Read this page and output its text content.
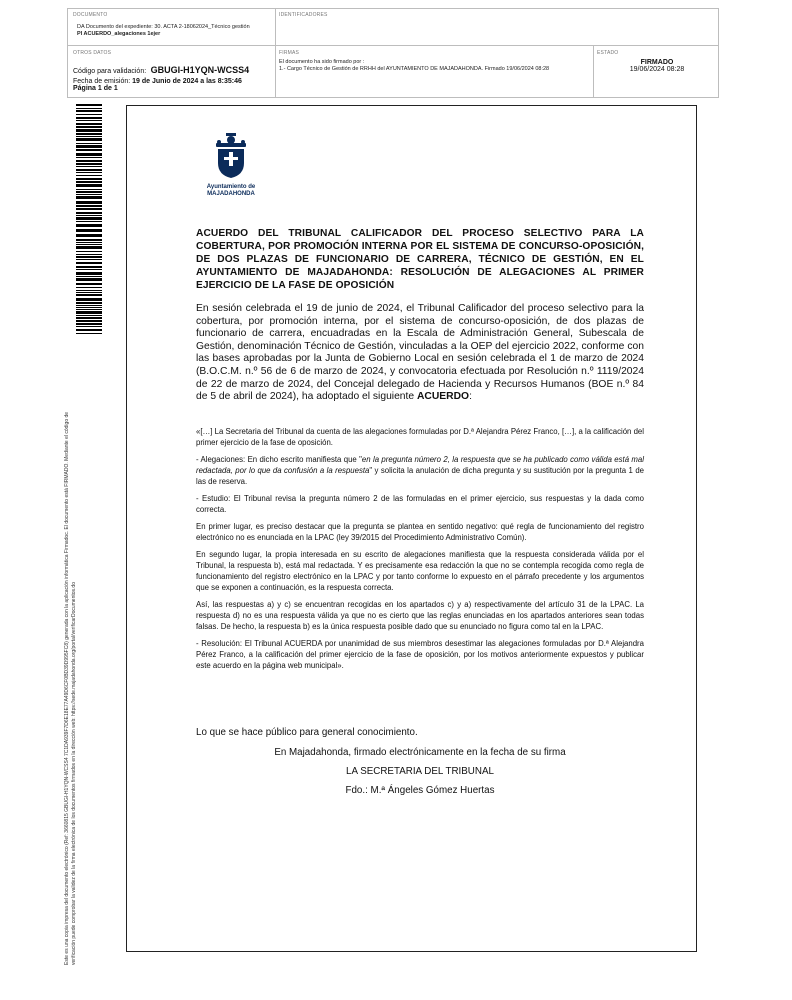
DOCUMENTO
DA Documento del expediente: 30. ACTA 2-18062024_Técnico gestión
PI ACUERDO_alegaciones 1ejer
IDENTIFICADORES
OTROS DATOS
Código para validación: GBUGI-H1YQN-WCSS4
Fecha de emisión: 19 de Junio de 2024 a las 8:35:46
Página 1 de 1
FIRMAS
El documento ha sido firmado por :
1.- Cargo Técnico de Gestión de RRHH del AYUNTAMIENTO DE MAJADAHONDA. Firmado 19/06/2024 08:28
ESTADO
FIRMADO
19/06/2024 08:28
Este es una copia impresa del documento electrónico (Ref: 3660815 GBUGI-H1YQN-WCSS4 7C1DA939F7D6E18E77A49D6CF0BD39D995FC8) generada con la aplicación informática Firmadoc. El documento está FIRMADO. Mediante el código de verificación puede comprobar la validez de la firma electrónica de los documentos firmados en la dirección web: https://sede.majadahonda.org/portal/verificarDocumentos.do
Ayuntamiento de
MAJADAHONDA
ACUERDO DEL TRIBUNAL CALIFICADOR DEL PROCESO SELECTIVO PARA LA COBERTURA, POR PROMOCIÓN INTERNA POR EL SISTEMA DE CONCURSO-OPOSICIÓN, DE DOS PLAZAS DE FUNCIONARIO DE CARRERA, TÉCNICO DE GESTIÓN, EN EL AYUNTAMIENTO DE MAJADAHONDA: RESOLUCIÓN DE ALEGACIONES AL PRIMER EJERCICIO DE LA FASE DE OPOSICIÓN
En sesión celebrada el 19 de junio de 2024, el Tribunal Calificador del proceso selectivo para la cobertura, por promoción interna, por el sistema de concurso-oposición, de dos plazas de funcionario de carrera, encuadradas en la Escala de Administración General, Subescala de Gestión, denominación Técnico de Gestión, vinculadas a la OEP del ejercicio 2022, conforme con las bases aprobadas por la Junta de Gobierno Local en sesión celebrada el 1 de marzo de 2024 (B.O.C.M. n.º 56 de 6 de marzo de 2024, y convocatoria efectuada por Resolución n.º 1119/2024 de 22 de marzo de 2024, del Concejal delegado de Hacienda y Recursos Humanos (BOE n.º 84 de 5 de abril de 2024), ha adoptado el siguiente ACUERDO:

«[…] La Secretaria del Tribunal da cuenta de las alegaciones formuladas por D.ª Alejandra Pérez Franco, […], a la calificación del primer ejercicio de la fase de oposición.

- Alegaciones: En dicho escrito manifiesta que "en la pregunta número 2, la respuesta que se ha publicado como válida está mal redactada, por lo que da confusión a la respuesta" y solicita la anulación de dicha pregunta y su sustitución por la pregunta 1 de las de reserva.

- Estudio: El Tribunal revisa la pregunta número 2 de las formuladas en el primer ejercicio, sus respuestas y la dada como correcta.

En primer lugar, es preciso destacar que la pregunta se plantea en sentido negativo: qué regla de funcionamiento del registro electrónico no es enunciada en la LPAC (ley 39/2015 del Procedimiento Administrativo Común).

En segundo lugar, la propia interesada en su escrito de alegaciones manifiesta que la respuesta considerada válida por el Tribunal, la respuesta b), está mal redactada. Y es precisamente esa redacción la que no se contempla recogida como regla de funcionamiento del registro electrónico en la LPAC y por tanto conforme lo expuesto en el párrafo precedente y los argumentos que se exponen a continuación, es la respuesta correcta.

Así, las respuestas a) y c) se encuentran recogidas en los apartados c) y a) respectivamente del artículo 31 de la LPAC. La respuesta d) no es una respuesta válida ya que no es cierto que las reglas enunciadas en los apartados anteriores sean todas falsas. De hecho, la respuesta b) es la única respuesta posible dado que su enunciado no figura como tal en la LPAC.

- Resolución: El Tribunal ACUERDA por unanimidad de sus miembros desestimar las alegaciones formuladas por D.ª Alejandra Pérez Franco, a la calificación del primer ejercicio de la fase de oposición, por los motivos anteriormente expuestos y publicar este acuerdo en la página web municipal».

Lo que se hace público para general conocimiento.
En Majadahonda, firmado electrónicamente en la fecha de su firma
LA SECRETARIA DEL TRIBUNAL
Fdo.: M.ª Ángeles Gómez Huertas
